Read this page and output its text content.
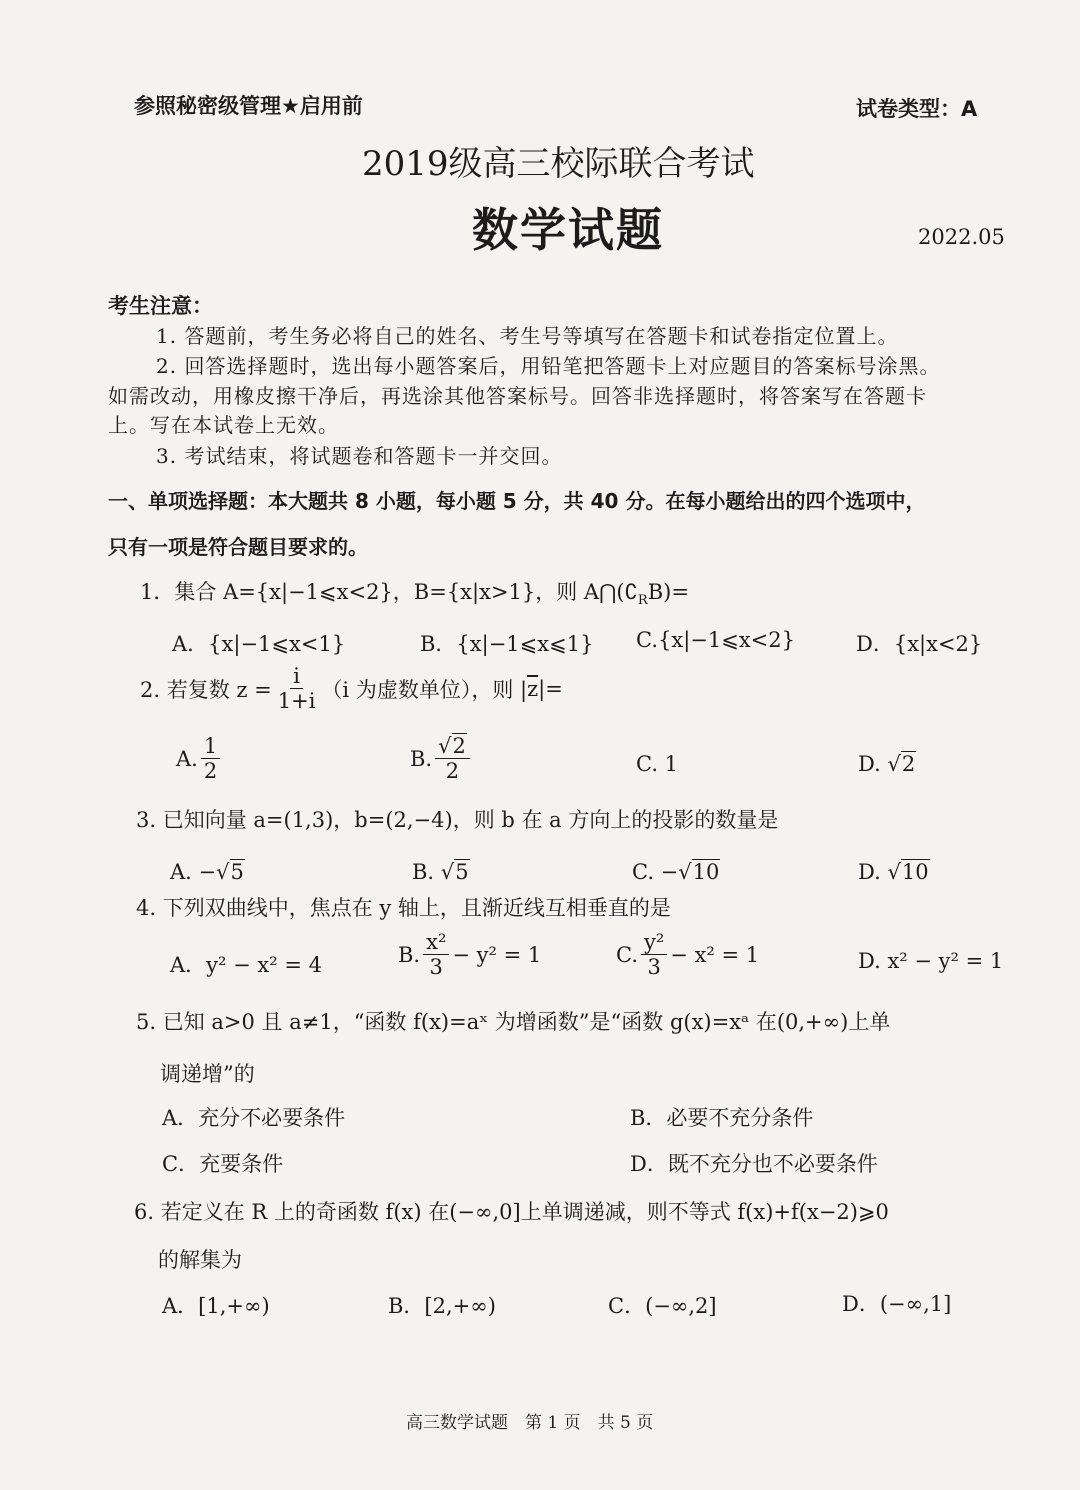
参照秘密级管理★启用前	试卷类型：A
2019级高三校际联合考试
数学试题	2022.05
考生注意：
1. 答题前，考生务必将自己的姓名、考生号等填写在答题卡和试卷指定位置上。
2. 回答选择题时，选出每小题答案后，用铅笔把答题卡上对应题目的答案标号涂黑。
如需改动，用橡皮擦干净后，再选涂其他答案标号。回答非选择题时，将答案写在答题卡
上。写在本试卷上无效。
3. 考试结束，将试题卷和答题卡一并交回。
一、单项选择题：本大题共 8 小题，每小题 5 分，共 40 分。在每小题给出的四个选项中，
只有一项是符合题目要求的。
1．集合 A={x|−1⩽x<2}，B={x|x>1}，则 $A⋂(∁_RB)=$
A．{x|−1⩽x<1}	B．{x|−1⩽x⩽1} C.{x|−1⩽x<2}	D．{x|x<2}
2. 若复数 $z = \frac{i}{1+i} (i$ 为虚数单位），则 | $\overline{z}$ |=
A. $\frac{1}{2}$	B. $\frac{√2}{2}$	C. 1	D. √2
3. 已知向量 a=(1,3)，b=(2,−4)，则 b 在 a 方向上的投影的数量是
A. −√5	B. √5	C. −√10	D. √10
4. 下列双曲线中，焦点在 y 轴上，且渐近线互相垂直的是
A．y² − x² = 4	B. $\frac{\text{x²}}{3} - y^2 = 1$	C. $\frac{\text{y²}}{3} - x^2 = 1$	D. x² − y² = 1
5. 已知 a>0 且 a≠1，“函数 f(x)=aˣ 为增函数”是“函数 g(x)=xᵃ 在(0,+∞)上单
调递增”的
A．充分不必要条件	B．必要不充分条件
C．充要条件	D．既不充分也不必要条件
6. 若定义在 R 上的奇函数 f(x) 在(−∞,0]上单调递减，则不等式 f(x)+f(x−2)⩾0
的解集为
A．[1,+∞)	B．[2,+∞)	C．(−∞,2]	D．(−∞,1]
高三数学试题　第 1 页　共 5 页
